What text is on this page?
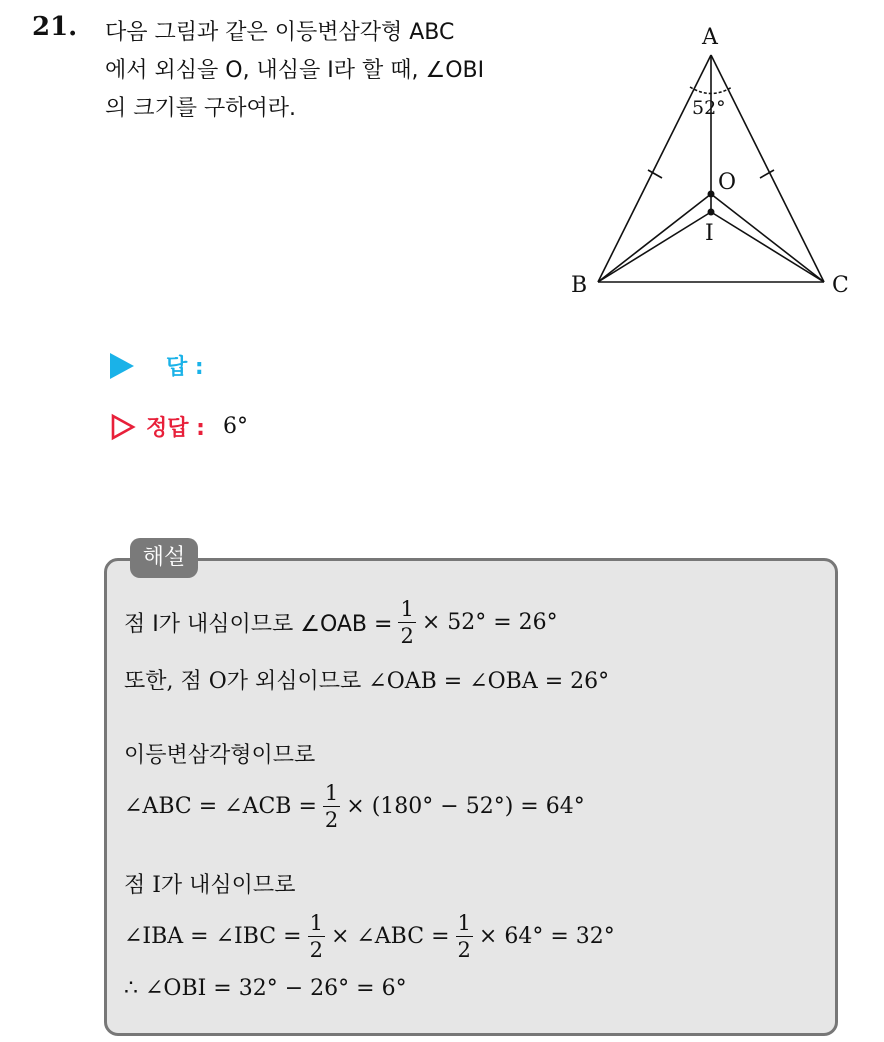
21. 다음 그림과 같은 이등변삼각형 ABC
에서 외심을 O, 내심을 I라 할 때, ∠OBI
의 크기를 구하여라.
A
B	C
O
I
52°
답 :
정답 : 6°
해설
점 I가 내심이므로 ∠OAB = $\frac{1}{2} \times 52^\circ = 26^\circ$
또한, 점 O가 외심이므로 ∠OAB = ∠OBA = 26°
이등변삼각형이므로
∠ABC = ∠ACB = $\frac{1}{2} \times (180^\circ - 52^\circ) = 64^\circ$
점 I가 내심이므로
∠IBA = ∠IBC = $\frac{1}{2}$ × ∠ABC = $\frac{1}{2} \times 64^\circ = 32^\circ$
∴ ∠OBI = 32° − 26° = 6°
